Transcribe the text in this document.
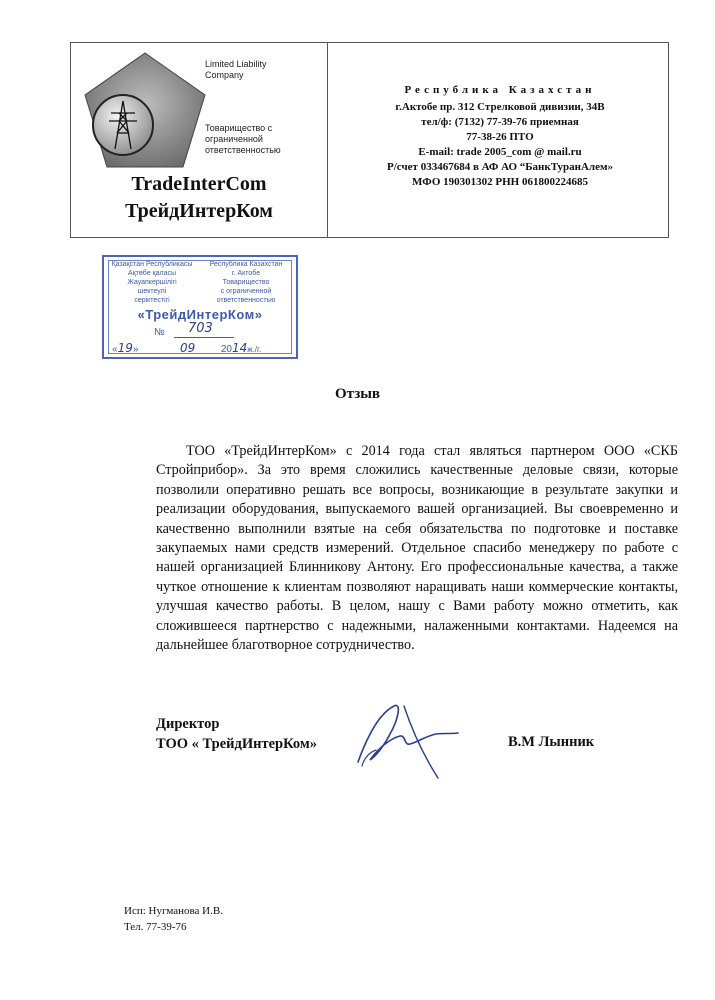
Limited Liability
Company
Товарищество с
ограниченной
ответственностью
TradeInterCom
ТрейдИнтерКом
Республика Казахстан
г.Актобе пр. 312 Стрелковой дивизии, 34В
тел/ф: (7132) 77-39-76 приемная
77-38-26 ПТО
E-mail: trade 2005_com @ mail.ru
Р/счет 033467684 в АФ АО “БанкТуранАлем»
МФО 190301302 РНН 061800224685
Қазақстан Республикасы
Ақтөбе қаласы
Жауапкершілігі
шектеулі
серіктестігі
Республика Казахстан
г. Актобе
Товарищество
с ограниченной
ответственностью
«ТрейдИнтерКом»
№ 703
«19»	09	2014ж./г.
Отзыв

ТОО «ТрейдИнтерКом» с 2014 года стал являться партнером ООО «СКБ Стройприбор». За это время сложились качественные деловые связи, которые позволили оперативно решать все вопросы, возникающие в результате закупки и реализации оборудования, выпускаемого вашей организацией. Вы своевременно и качественно выполнили взятые на себя обязательства по подготовке и поставке закупаемых нами средств измерений. Отдельное спасибо менеджеру по работе с нашей организацией Блинникову Антону. Его профессиональные качества, а также чуткое отношение к клиентам позволяют наращивать наши коммерческие контакты, улучшая качество работы. В целом, нашу с Вами работу можно отметить, как сложившееся партнерство с надежными, налаженными контактами. Надеемся на дальнейшее благотворное сотрудничество.

Директор
ТОО « ТрейдИнтерКом»	В.М Лынник
Исп: Нугманова И.В.
Тел. 77-39-76
